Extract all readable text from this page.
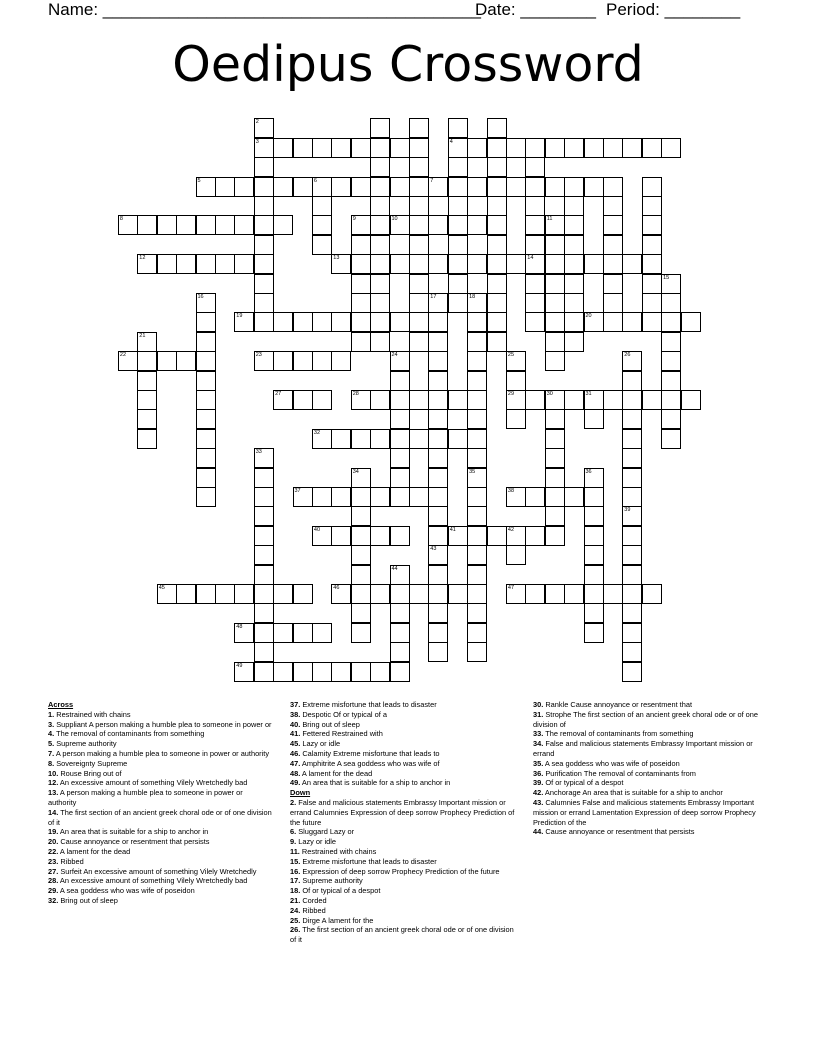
Name: ________________________________________
Date: ________ Period: ________
Oedipus Crossword
8
12
2
3	4
5	6	7
9	10	11
13	14
15
16	17	18
19	20
21
22	23	24	25	26
27	28	29	30	31
32
33
34	35	36
37	38
39
40	41	42
43
44
45	46	47
48
49
Across
1. Restrained with chains
3. Suppliant A person making a humble plea to someone in power or
4. The removal of contaminants from something
5. Supreme authority
7. A person making a humble plea to someone in power or authority
8. Sovereignty Supreme
10. Rouse Bring out of
12. An excessive amount of something Vilely Wretchedly bad
13. A person making a humble plea to someone in power or authority
14. The first section of an ancient greek choral ode or of one division of it
19. An area that is suitable for a ship to anchor in
20. Cause annoyance or resentment that persists
22. A lament for the dead
23. Ribbed
27. Surfeit An excessive amount of something Vilely Wretchedly
28. An excessive amount of something Vilely Wretchedly bad
29. A sea goddess who was wife of poseidon
32. Bring out of sleep
37. Extreme misfortune that leads to disaster
38. Despotic Of or typical of a
40. Bring out of sleep
41. Fettered Restrained with
45. Lazy or idle
46. Calamity Extreme misfortune that leads to
47. Amphitrite A sea goddess who was wife of
48. A lament for the dead
49. An area that is suitable for a ship to anchor in
Down
2. False and malicious statements Embrassy Important mission or errand Calumnies Expression of deep sorrow Prophecy Prediction of the future
6. Sluggard Lazy or
9. Lazy or idle
11. Restrained with chains
15. Extreme misfortune that leads to disaster
16. Expression of deep sorrow Prophecy Prediction of the future
17. Supreme authority
18. Of or typical of a despot
21. Corded
24. Ribbed
25. Dirge A lament for the
26. The first section of an ancient greek choral ode or of one division of it
30. Rankle Cause annoyance or resentment that
31. Strophe The first section of an ancient greek choral ode or of one division of
33. The removal of contaminants from something
34. False and malicious statements Embrassy Important mission or errand
35. A sea goddess who was wife of poseidon
36. Purification The removal of contaminants from
39. Of or typical of a despot
42. Anchorage An area that is suitable for a ship to anchor
43. Calumnies False and malicious statements Embrassy Important mission or errand Lamentation Expression of deep sorrow Prophecy Prediction of the
44. Cause annoyance or resentment that persists
